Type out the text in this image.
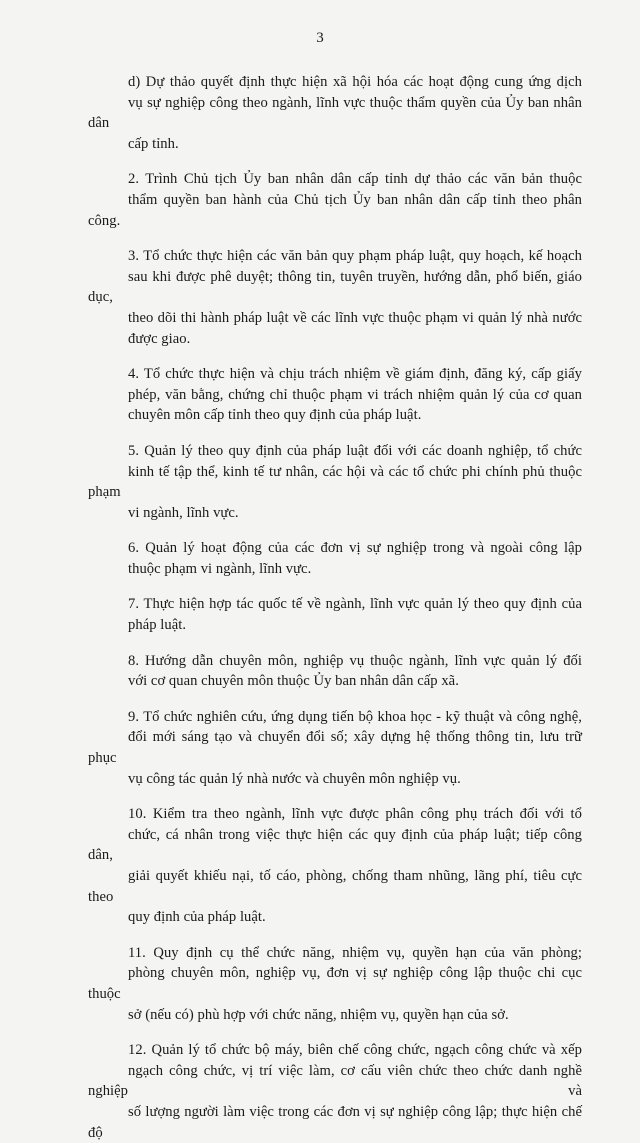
3

d) Dự thảo quyết định thực hiện xã hội hóa các hoạt động cung ứng dịch
vụ sự nghiệp công theo ngành, lĩnh vực thuộc thẩm quyền của Ủy ban nhân dân
cấp tỉnh.

2. Trình Chủ tịch Ủy ban nhân dân cấp tỉnh dự thảo các văn bản thuộc
thẩm quyền ban hành của Chủ tịch Ủy ban nhân dân cấp tỉnh theo phân công.

3. Tổ chức thực hiện các văn bản quy phạm pháp luật, quy hoạch, kế hoạch
sau khi được phê duyệt; thông tin, tuyên truyền, hướng dẫn, phổ biến, giáo dục,
theo dõi thi hành pháp luật về các lĩnh vực thuộc phạm vi quản lý nhà nước
được giao.

4. Tổ chức thực hiện và chịu trách nhiệm về giám định, đăng ký, cấp giấy
phép, văn bằng, chứng chỉ thuộc phạm vi trách nhiệm quản lý của cơ quan
chuyên môn cấp tỉnh theo quy định của pháp luật.

5. Quản lý theo quy định của pháp luật đối với các doanh nghiệp, tổ chức
kinh tế tập thể, kinh tế tư nhân, các hội và các tổ chức phi chính phủ thuộc phạm
vi ngành, lĩnh vực.

6. Quản lý hoạt động của các đơn vị sự nghiệp trong và ngoài công lập
thuộc phạm vi ngành, lĩnh vực.

7. Thực hiện hợp tác quốc tế về ngành, lĩnh vực quản lý theo quy định của
pháp luật.

8. Hướng dẫn chuyên môn, nghiệp vụ thuộc ngành, lĩnh vực quản lý đối
với cơ quan chuyên môn thuộc Ủy ban nhân dân cấp xã.

9. Tổ chức nghiên cứu, ứng dụng tiến bộ khoa học - kỹ thuật và công nghệ,
đổi mới sáng tạo và chuyển đổi số; xây dựng hệ thống thông tin, lưu trữ phục
vụ công tác quản lý nhà nước và chuyên môn nghiệp vụ.

10. Kiểm tra theo ngành, lĩnh vực được phân công phụ trách đối với tổ
chức, cá nhân trong việc thực hiện các quy định của pháp luật; tiếp công dân,
giải quyết khiếu nại, tố cáo, phòng, chống tham nhũng, lãng phí, tiêu cực theo
quy định của pháp luật.

11. Quy định cụ thể chức năng, nhiệm vụ, quyền hạn của văn phòng;
phòng chuyên môn, nghiệp vụ, đơn vị sự nghiệp công lập thuộc chi cục thuộc
sở (nếu có) phù hợp với chức năng, nhiệm vụ, quyền hạn của sở.

12. Quản lý tổ chức bộ máy, biên chế công chức, ngạch công chức và xếp
ngạch công chức, vị trí việc làm, cơ cấu viên chức theo chức danh nghề nghiệp và
số lượng người làm việc trong các đơn vị sự nghiệp công lập; thực hiện chế độ
